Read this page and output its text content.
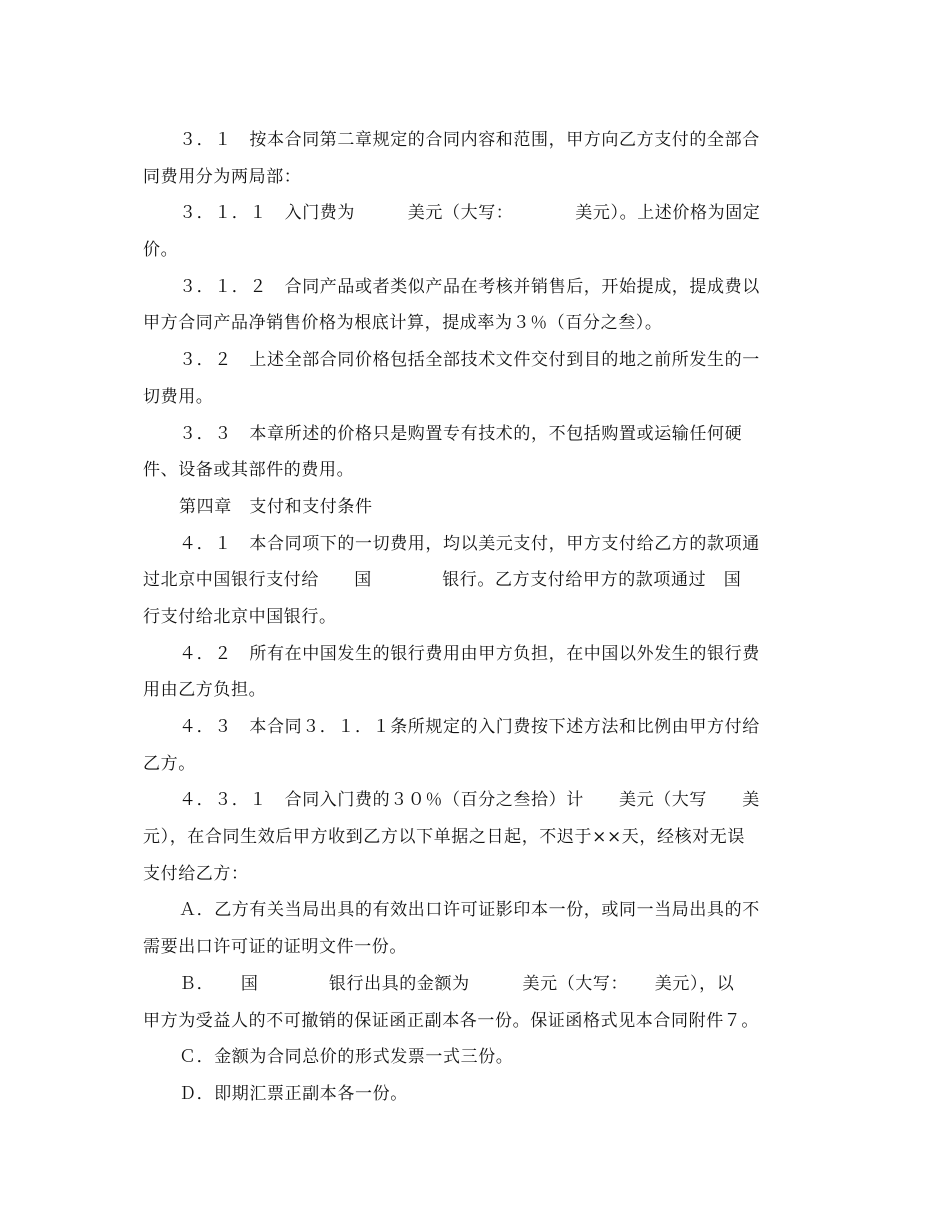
３．１　按本合同第二章规定的合同内容和范围，甲方向乙方支付的全部合
同费用分为两局部：
３．１．１　入门费为　　　美元（大写：　　　　美元）。上述价格为固定
价。
３．１．２　合同产品或者类似产品在考核并销售后，开始提成，提成费以
甲方合同产品净销售价格为根底计算，提成率为３％（百分之叁）。
３．２　上述全部合同价格包括全部技术文件交付到目的地之前所发生的一
切费用。
３．３　本章所述的价格只是购置专有技术的，不包括购置或运输任何硬
件、设备或其部件的费用。
第四章　支付和支付条件
４．１　本合同项下的一切费用，均以美元支付，甲方支付给乙方的款项通
过北京中国银行支付给　　国　　　　银行。乙方支付给甲方的款项通过　国
行支付给北京中国银行。
４．２　所有在中国发生的银行费用由甲方负担，在中国以外发生的银行费
用由乙方负担。
４．３　本合同３．１．１条所规定的入门费按下述方法和比例由甲方付给
乙方。
４．３．１　合同入门费的３０％（百分之叁拾）计　　美元（大写　　美
元），在合同生效后甲方收到乙方以下单据之日起，不迟于××天，经核对无误
支付给乙方：
Ａ．乙方有关当局出具的有效出口许可证影印本一份，或同一当局出具的不
需要出口许可证的证明文件一份。
Ｂ．　　国　　　　银行出具的金额为　　　美元（大写：　　美元），以
甲方为受益人的不可撤销的保证函正副本各一份。保证函格式见本合同附件７。
Ｃ．金额为合同总价的形式发票一式三份。
Ｄ．即期汇票正副本各一份。
